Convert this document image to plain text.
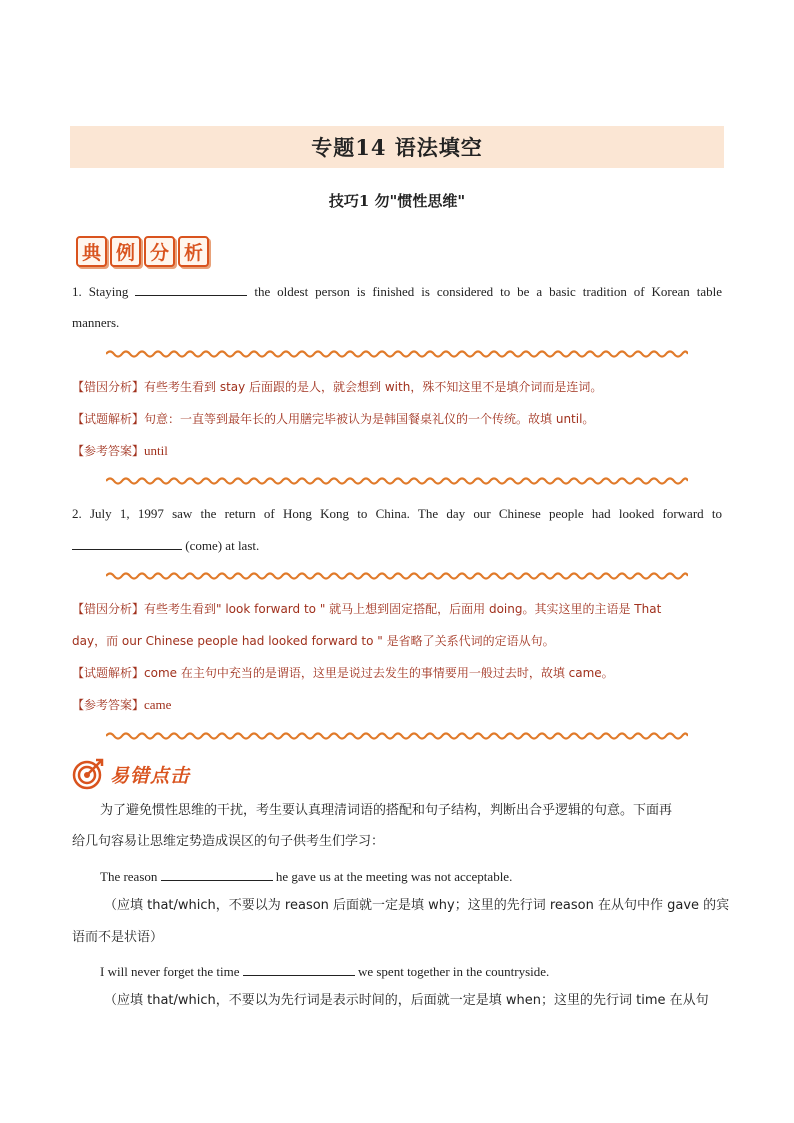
专题14 语法填空
技巧1 勿"惯性思维"
典 例 分 析
1. Staying	the oldest person is finished is considered to be a basic tradition of Korean table
manners.
【错因分析】有些考生看到 stay 后面跟的是人，就会想到 with，殊不知这里不是填介词而是连词。
【试题解析】句意：一直等到最年长的人用膳完毕被认为是韩国餐桌礼仪的一个传统。故填 until。
【参考答案】until
2. July 1, 1997 saw the return of Hong Kong to China. The day our Chinese people had looked forward to
(come) at last.
【错因分析】有些考生看到" look forward to " 就马上想到固定搭配，后面用 doing。其实这里的主语是 That
day，而 our Chinese people had looked forward to " 是省略了关系代词的定语从句。
【试题解析】come 在主句中充当的是谓语，这里是说过去发生的事情要用一般过去时，故填 came。
【参考答案】came
易错点击
为了避免惯性思维的干扰，考生要认真理清词语的搭配和句子结构，判断出合乎逻辑的句意。下面再
给几句容易让思维定势造成误区的句子供考生们学习：
The reason	he gave us at the meeting was not acceptable.
（应填 that/which，不要以为 reason 后面就一定是填 why；这里的先行词 reason 在从句中作 gave 的宾
语而不是状语）
I will never forget the time	we spent together in the countryside.
（应填 that/which，不要以为先行词是表示时间的，后面就一定是填 when；这里的先行词 time 在从句
